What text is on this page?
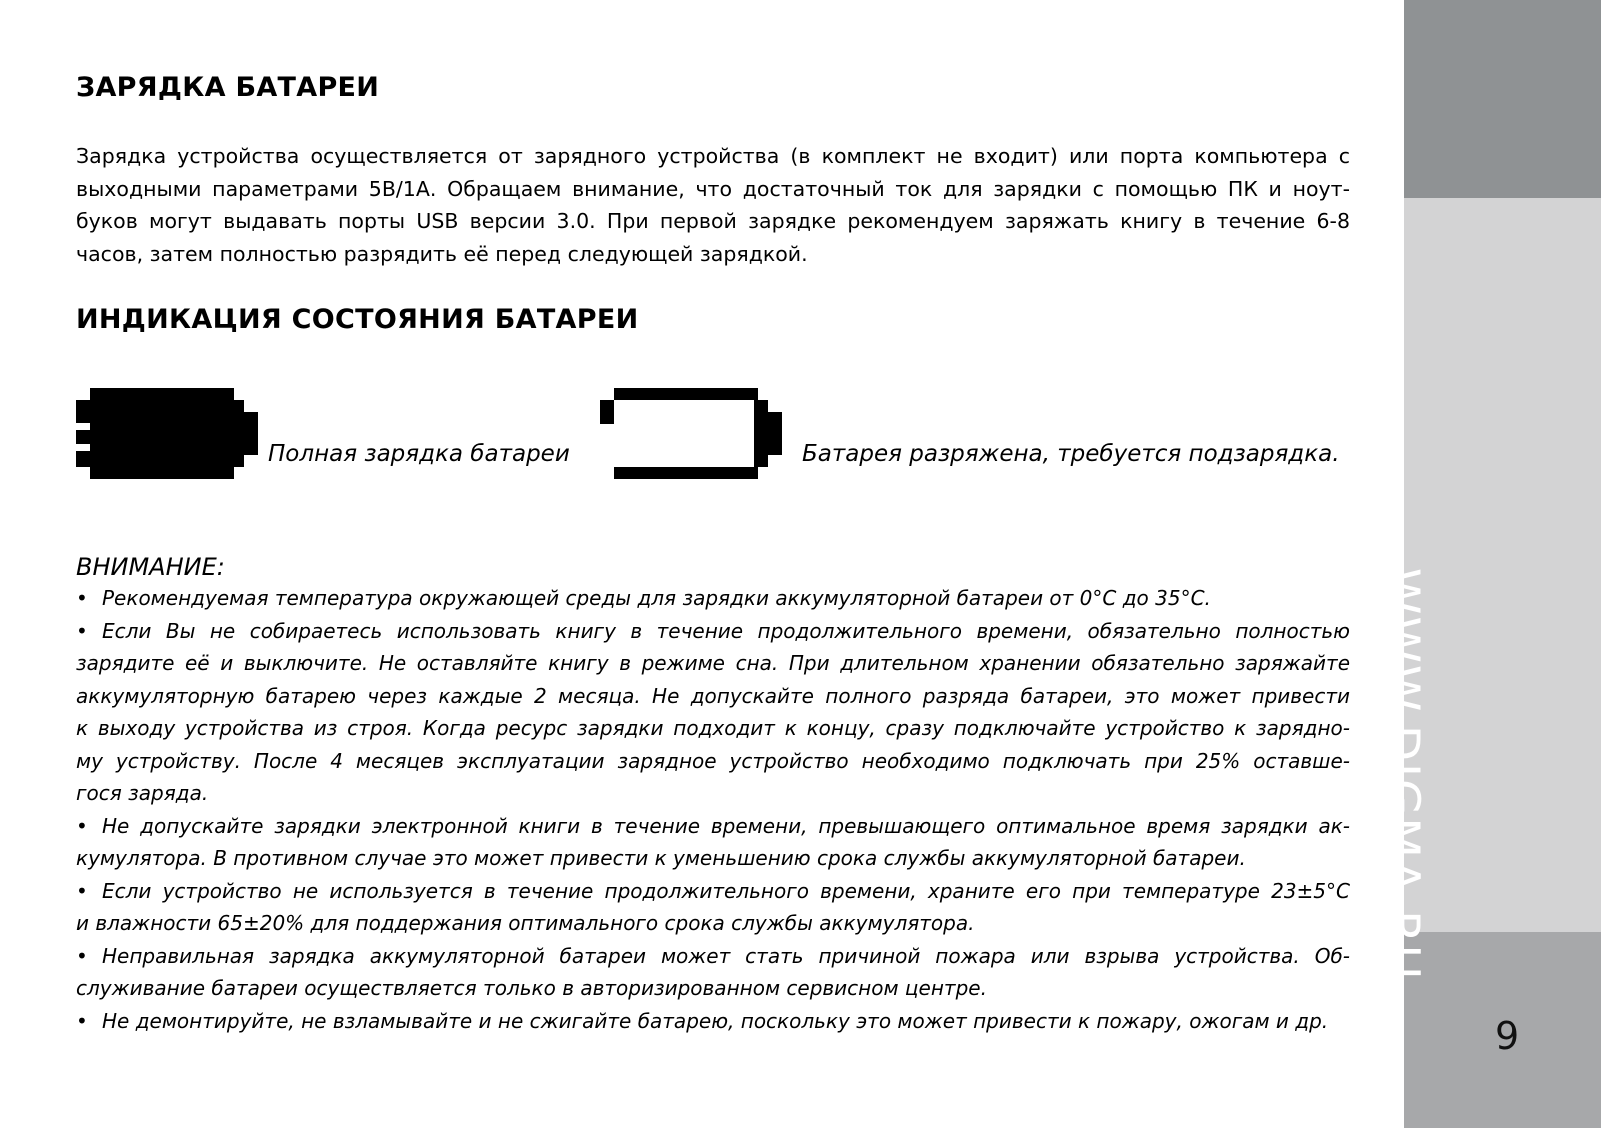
ЗАРЯДКА БАТАРЕИ

Зарядка устройства осуществляется от зарядного устройства (в комплект не входит) или порта компьютера с
выходными параметрами 5В/1А. Обращаем внимание, что достаточный ток для зарядки с помощью ПК и ноут-
буков могут выдавать порты USB версии 3.0. При первой зарядке рекомендуем заряжать книгу в течение 6-8
часов, затем полностью разрядить её перед следующей зарядкой.

ИНДИКАЦИЯ СОСТОЯНИЯ БАТАРЕИ

Полная зарядка батареи	Батарея разряжена, требуется подзарядка.

ВНИМАНИЕ:
• Рекомендуемая температура окружающей среды для зарядки аккумуляторной батареи от 0°С до 35°С.
• Если Вы не собираетесь использовать книгу в течение продолжительного времени, обязательно полностью
зарядите её и выключите. Не оставляйте книгу в режиме сна. При длительном хранении обязательно заряжайте
аккумуляторную батарею через каждые 2 месяца. Не допускайте полного разряда батареи, это может привести
к выходу устройства из строя. Когда ресурс зарядки подходит к концу, сразу подключайте устройство к зарядно-
му устройству. После 4 месяцев эксплуатации зарядное устройство необходимо подключать при 25% оставше-
гося заряда.
• Не допускайте зарядки электронной книги в течение времени, превышающего оптимальное время зарядки ак-
кумулятора. В противном случае это может привести к уменьшению срока службы аккумуляторной батареи.
• Если устройство не используется в течение продолжительного времени, храните его при температуре 23±5°С
и влажности 65±20% для поддержания оптимального срока службы аккумулятора.
• Неправильная зарядка аккумуляторной батареи может стать причиной пожара или взрыва устройства. Об-
служивание батареи осуществляется только в авторизированном сервисном центре.
• Не демонтируйте, не взламывайте и не сжигайте батарею, поскольку это может привести к пожару, ожогам и др.
WWW.DIGMA.RU

9
